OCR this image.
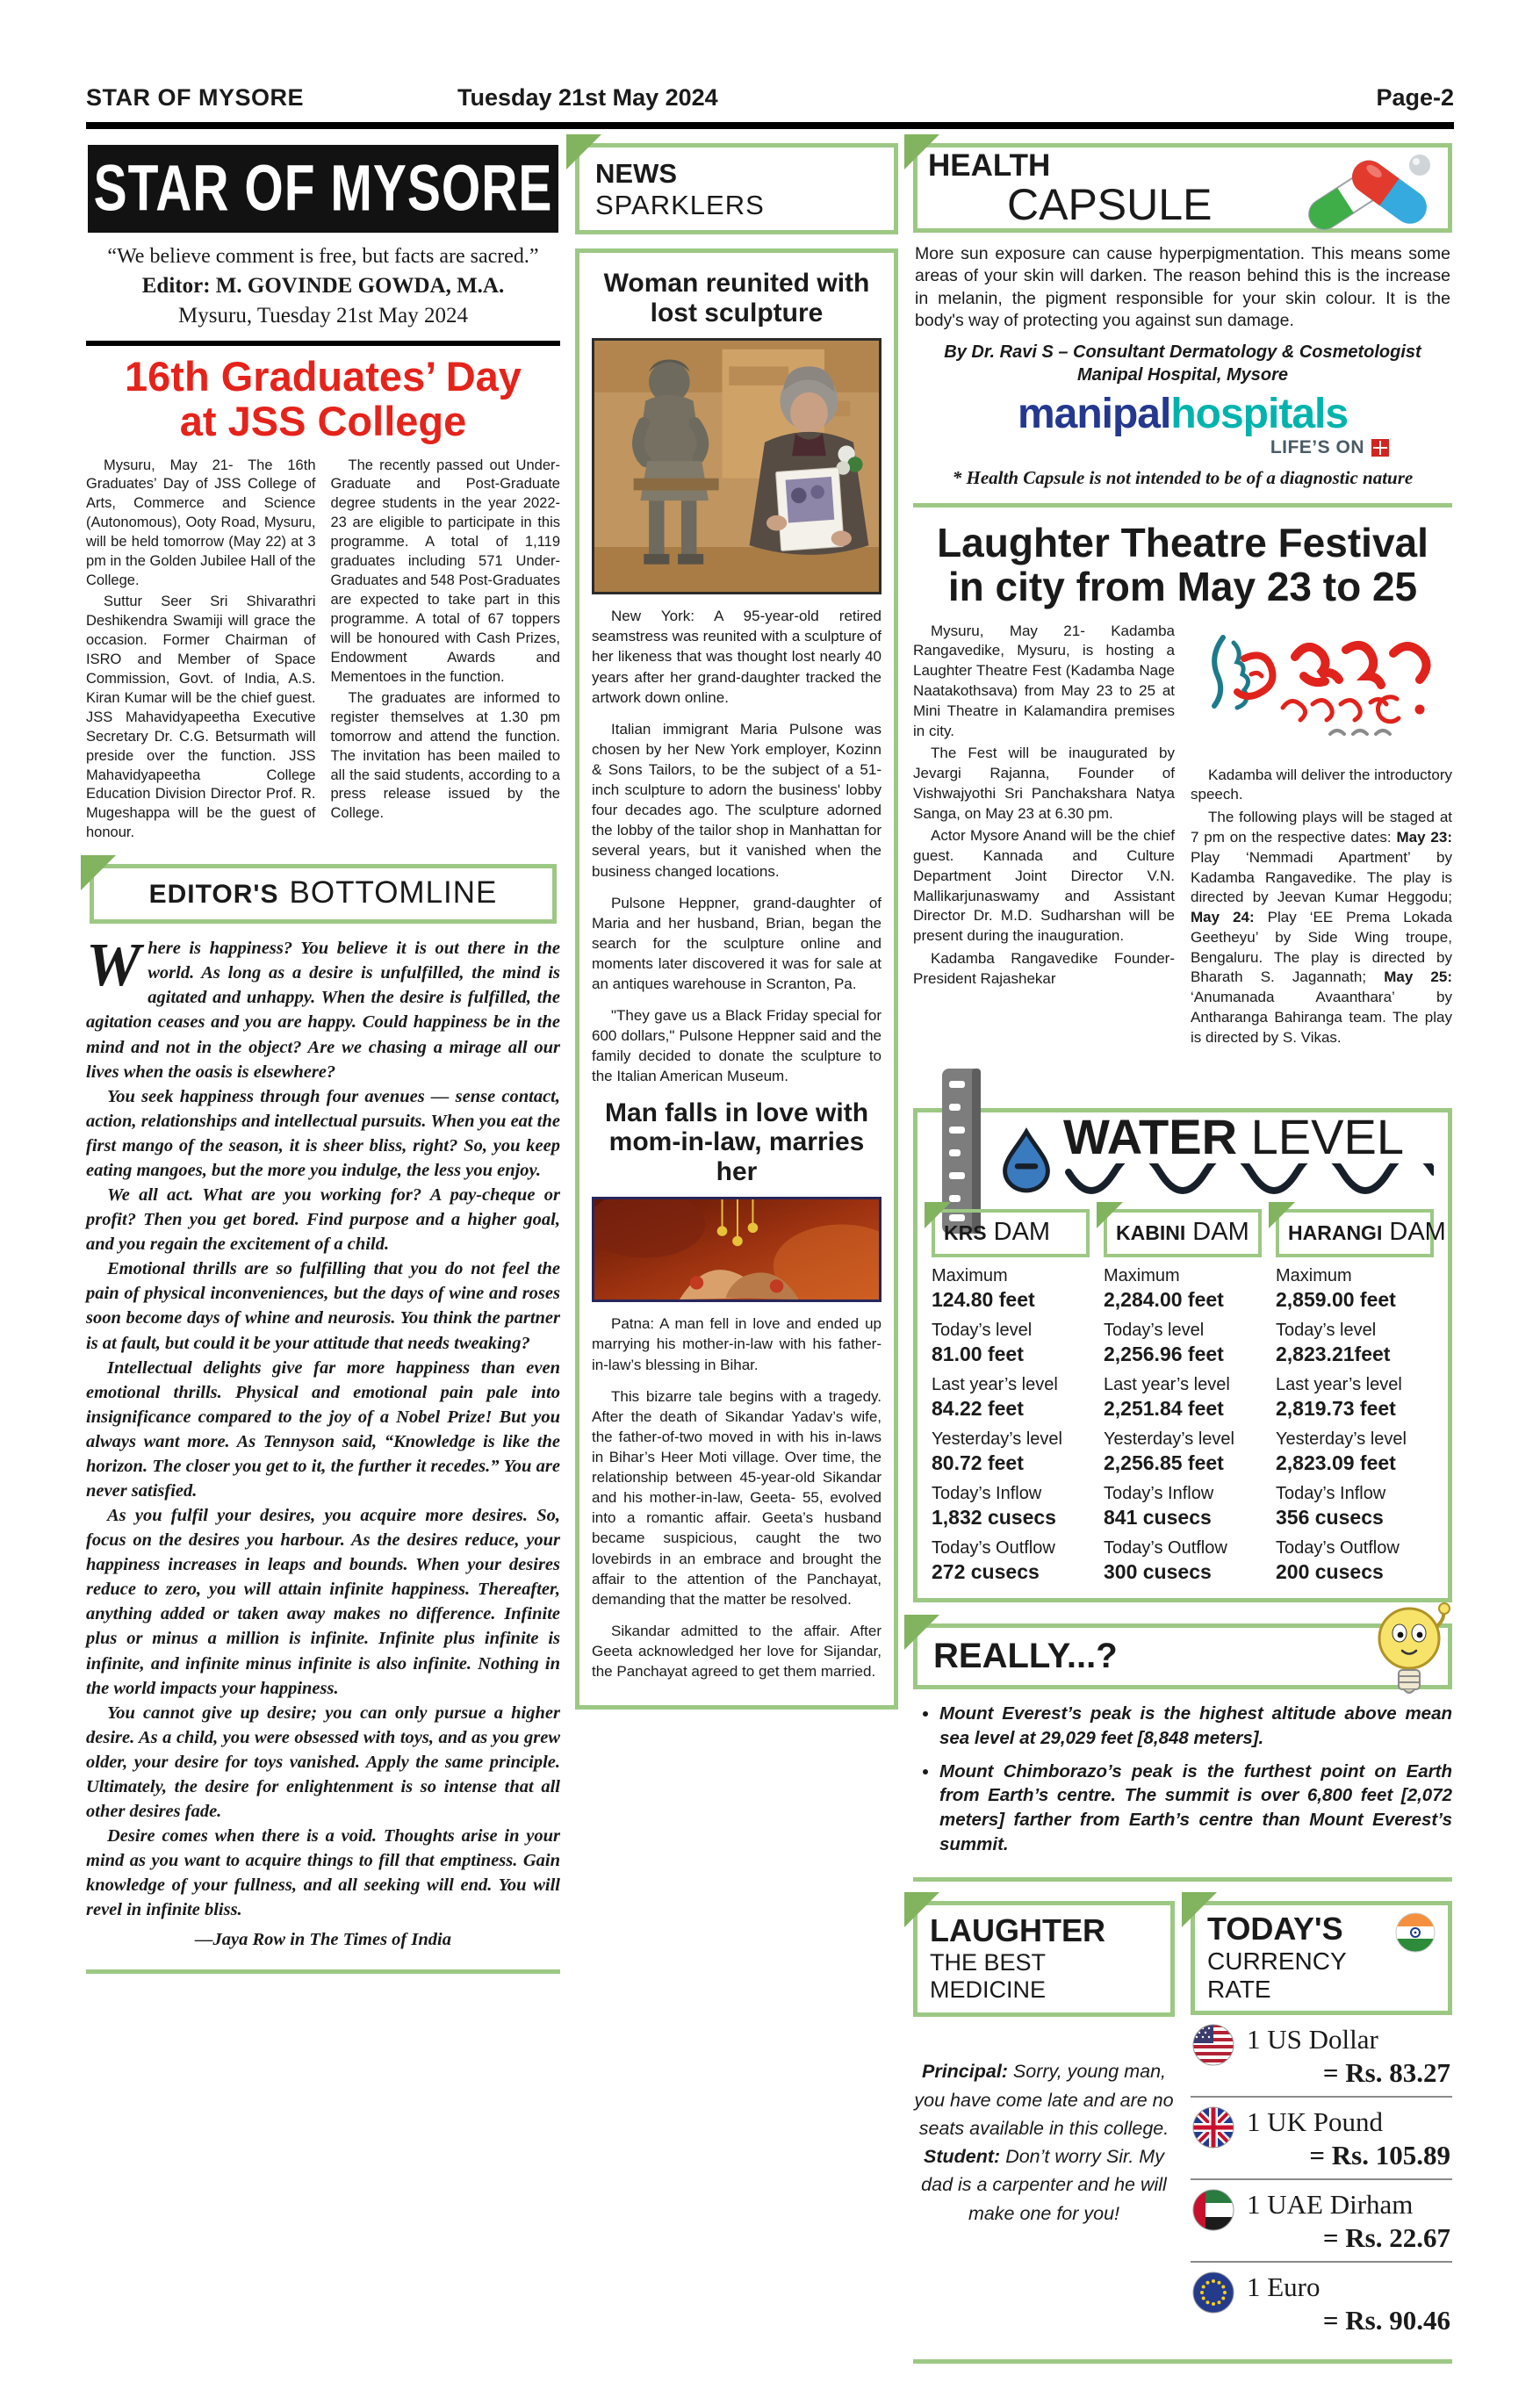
STAR OF MYSORE	Tuesday 21st May 2024	Page-2
STAR OF MYSORE
“We believe comment is free, but facts are sacred.”
Editor: M. GOVINDE GOWDA, M.A.
Mysuru, Tuesday 21st May 2024
16th Graduates’ Day
at JSS College

Mysuru, May 21- The 16th Graduates’ Day of JSS College of Arts, Commerce and Science (Autonomous), Ooty Road, Mysuru, will be held tomorrow (May 22) at 3 pm in the Golden Jubilee Hall of the College.

Suttur Seer Sri Shivarathri Deshikendra Swamiji will grace the occasion. Former Chairman of ISRO and Member of Space Commission, Govt. of India, A.S. Kiran Kumar will be the chief guest. JSS Mahavidyapeetha Executive Secretary Dr. C.G. Betsurmath will preside over the function. JSS Mahavidyapeetha College Education Division Director Prof. R. Mugeshappa will be the guest of honour.

The recently passed out Under-Graduate and Post-Graduate degree students in the year 2022-23 are eligible to participate in this programme. A total of 1,119 graduates including 571 Under-Graduates and 548 Post-Graduates are expected to take part in this programme. A total of 67 toppers will be honoured with Cash Prizes, Endowment Awards and Mementoes in the function.

The graduates are informed to register themselves at 1.30 pm tomorrow and attend the function. The invitation has been mailed to all the said students, according to a press release issued by the College.

EDITOR'S BOTTOMLINE

Where is happiness? You believe it is out there in the world. As long as a desire is unfulfilled, the mind is agitated and unhappy. When the desire is fulfilled, the agitation ceases and you are happy. Could happiness be in the mind and not in the object? Are we chasing a mirage all our lives when the oasis is elsewhere?

You seek happiness through four avenues — sense contact, action, relationships and intellectual pursuits. When you eat the first mango of the season, it is sheer bliss, right? So, you keep eating mangoes, but the more you indulge, the less you enjoy.

We all act. What are you working for? A pay-cheque or profit? Then you get bored. Find purpose and a higher goal, and you regain the excitement of a child.

Emotional thrills are so fulfilling that you do not feel the pain of physical inconveniences, but the days of wine and roses soon become days of whine and neurosis. You think the partner is at fault, but could it be your attitude that needs tweaking?

Intellectual delights give far more happiness than even emotional thrills. Physical and emotional pain pale into insignificance compared to the joy of a Nobel Prize! But you always want more. As Tennyson said, “Knowledge is like the horizon. The closer you get to it, the further it recedes.” You are never satisfied.

As you fulfil your desires, you acquire more desires. So, focus on the desires you harbour. As the desires reduce, your happiness increases in leaps and bounds. When your desires reduce to zero, you will attain infinite happiness. Thereafter, anything added or taken away makes no difference. Infinite plus or minus a million is infinite. Infinite plus infinite is infinite, and infinite minus infinite is also infinite. Nothing in the world impacts your happiness.

You cannot give up desire; you can only pursue a higher desire. As a child, you were obsessed with toys, and as you grew older, your desire for toys vanished. Apply the same principle. Ultimately, the desire for enlightenment is so intense that all other desires fade.

Desire comes when there is a void. Thoughts arise in your mind as you want to acquire things to fill that emptiness. Gain knowledge of your fullness, and all seeking will end. You will revel in infinite bliss.

—Jaya Row in The Times of India
NEWS
SPARKLERS
Woman reunited with lost sculpture

New York: A 95-year-old retired seamstress was reunited with a sculpture of her likeness that was thought lost nearly 40 years after her grand-daughter tracked the artwork down online.

Italian immigrant Maria Pulsone was chosen by her New York employer, Kozinn & Sons Tailors, to be the subject of a 51-inch sculpture to adorn the business' lobby four decades ago. The sculpture adorned the lobby of the tailor shop in Manhattan for several years, but it vanished when the business changed locations.

Pulsone Heppner, grand-daughter of Maria and her husband, Brian, began the search for the sculpture online and moments later discovered it was for sale at an antiques warehouse in Scranton, Pa.

"They gave us a Black Friday special for 600 dollars," Pulsone Heppner said and the family decided to donate the sculpture to the Italian American Museum.

Man falls in love with mom-in-law, marries her

Patna: A man fell in love and ended up marrying his mother-in-law with his father-in-law’s blessing in Bihar.

This bizarre tale begins with a tragedy. After the death of Sikandar Yadav’s wife, the father-of-two moved in with his in-laws in Bihar’s Heer Moti village. Over time, the relationship between 45-year-old Sikandar and his mother-in-law, Geeta- 55, evolved into a romantic affair. Geeta’s husband became suspicious, caught the two lovebirds in an embrace and brought the affair to the attention of the Panchayat, demanding that the matter be resolved.

Sikandar admitted to the affair. After Geeta acknowledged her love for Sijandar, the Panchayat agreed to get them married.

HEALTH
CAPSULE
More sun exposure can cause hyperpigmentation. This means some areas of your skin will darken. The reason behind this is the increase in melanin, the pigment responsible for your skin colour. It is the body's way of protecting you against sun damage.
By Dr. Ravi S – Consultant Dermatology & Cosmetologist
Manipal Hospital, Mysore
manipalhospitals
LIFE’S ON
* Health Capsule is not intended to be of a diagnostic nature
Laughter Theatre Festival
in city from May 23 to 25

Mysuru, May 21- Kadamba Rangavedike, Mysuru, is hosting a Laughter Theatre Fest (Kadamba Nage Naatakothsava) from May 23 to 25 at Mini Theatre in Kalamandira premises in city.

The Fest will be inaugurated by Jevargi Rajanna, Founder of Vishwajyothi Sri Panchakshara Natya Sanga, on May 23 at 6.30 pm.

Actor Mysore Anand will be the chief guest. Kannada and Culture Department Joint Director V.N. Mallikarjunaswamy and Assistant Director Dr. M.D. Sudharshan will be present during the inauguration.

Kadamba Rangavedike Founder-President Rajashekar

Kadamba will deliver the introductory speech.

The following plays will be staged at 7 pm on the respective dates: May 23: Play ‘Nemmadi Apartment’ by Kadamba Rangavedike. The play is directed by Jeevan Kumar Heggodu; May 24: Play ‘EE Prema Lokada Geetheyu’ by Side Wing troupe, Bengaluru. The play is directed by Bharath S. Jagannath; May 25: ‘Anumanada Avaanthara’ by Antharanga Bahiranga team. The play is directed by S. Vikas.

WATER LEVEL
KRS DAM
Maximum
124.80 feet
Today’s level
81.00 feet
Last year’s level
84.22 feet
Yesterday’s level
80.72 feet
Today’s Inflow
1,832 cusecs
Today’s Outflow
272 cusecs
KABINI DAM
Maximum
2,284.00 feet
Today’s level
2,256.96 feet
Last year’s level
2,251.84 feet
Yesterday’s level
2,256.85 feet
Today’s Inflow
841 cusecs
Today’s Outflow
300 cusecs
HARANGI DAM
Maximum
2,859.00 feet
Today’s level
2,823.21feet
Last year’s level
2,819.73 feet
Yesterday’s level
2,823.09 feet
Today’s Inflow
356 cusecs
Today’s Outflow
200 cusecs
REALLY...?
• Mount Everest’s peak is the highest altitude above mean sea level at 29,029 feet [8,848 meters].
• Mount Chimborazo’s peak is the furthest point on Earth from Earth’s centre. The summit is over 6,800 feet [2,072 meters] farther from Earth’s centre than Mount Everest’s summit.
LAUGHTER
THE BEST MEDICINE
Principal: Sorry, young man, you have come late and are no seats available in this college.
Student: Don’t worry Sir. My dad is a carpenter and he will make one for you!
TODAY'S
CURRENCY RATE
1 US Dollar
= Rs. 83.27
1 UK Pound
= Rs. 105.89
1 UAE Dirham
= Rs. 22.67
1 Euro
= Rs. 90.46
